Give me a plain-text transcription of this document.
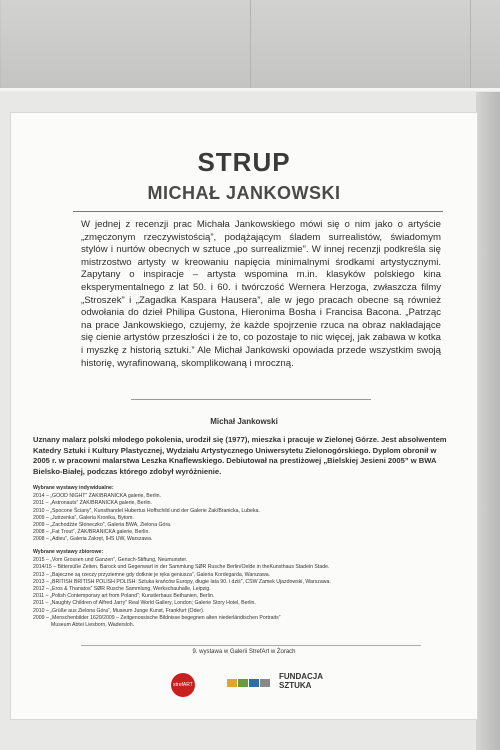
STRUP
MICHAŁ JANKOWSKI
W jednej z recenzji prac Michała Jankowskiego mówi się o nim jako o artyście „zmęczonym rzeczywistością”, podążającym śladem surrealistów, świadomym stylów i nurtów obecnych w sztuce „po surrealizmie”. W innej recenzji podkreśla się mistrzostwo artysty w kreowaniu napięcia minimalnymi środkami artystycznymi. Zapytany o inspiracje – artysta wspomina m.in. klasyków polskiego kina eksperymentalnego z lat 50. i 60. i twórczość Wernera Herzoga, zwłaszcza filmy „Stroszek” i „Zagadka Kaspara Hausera”, ale w jego pracach obecne są również odwołania do dzieł Philipa Gustona, Hieronima Bosha i Francisa Bacona. „Patrząc na prace Jankowskiego, czujemy, że każde spojrzenie rzuca na obraz nakładające się cienie artystów przeszłości i że to, co pozostaje to nic więcej, jak zabawa w kotka i myszkę z historią sztuki.” Ale Michał Jankowski opowiada przede wszystkim swoją historię, wyrafinowaną, skomplikowaną i mroczną.
Michał Jankowski
Uznany malarz polski młodego pokolenia, urodził się (1977), mieszka i pracuje w Zielonej Górze. Jest absolwentem Katedry Sztuki i Kultury Plastycznej, Wydziału Artystycznego Uniwersytetu Zielonogórskiego. Dyplom obronił w 2005 r. w pracowni malarstwa Leszka Knaflewskiego. Debiutował na prestiżowej „Bielskiej Jesieni 2005” w BWA Bielsko-Białej, podczas którego zdobył wyróżnienie.
Wybrane wystawy indywidualne:
2014 – „GOOD NIGHT” ŻAK/BRANICKA galerie, Berlin.
2011 – „Astronauts” ŻAK/BRANICKA galerie, Berlin.
2010 – „Spocone Ściany”, Kunsthandel Hubertus Hoffschild und der Galerie Żak/Branicka, Lubeka.
2009 – „Jutrzenka”, Galeria Kronika, Bytom.
2009 – „Zachodźże Słoneczko”, Galeria BWA, Zielona Góra.
2008 – „Fat Trout”, ŻAK/BRANICKA galerie, Berlin.
2008 – „Adieu”, Galeria Zakręt, IHS UW, Warszawa.
Wybrane wystawy zbiorowe:
2015 – „Vom Grossen und Ganzen”, Gerisch-Stiftung, Neumunster.
2014/15 – Bittersüße Zeiten. Barock und Gegenwart in der Sammlung SØR Rusche Berlin/Oelde in theKunsthaus Stadein Stade.
2013 – „Bajeczne są rzeczy przyziemne gdy dotknie je ręka geniusza”, Galeria Kordegarda, Warszawa.
2013 – „BRITISH BRITISH POLISH POLISH: Sztuka krańców Europy, długie lata 90. i dziś”, CSW Zamek Ujazdowski, Warszawa.
2012 – „Eros & Thanatos” SØR Rusche Sammlung, Werkschauhalle, Leipzig.
2011 – „Polish Contemporary art from Poland”; Kunstlerhaus Bethanien, Berlin.
2011 – „Naughty Children of Alfred Jarry” Real World Gallery, London; Galerie Story Hotel, Berlin.
2010 – „Grüße aus Zielona Góra”, Museum Junge Kunst, Frankfurt (Oder).
2009 – „Menschenbilder 1620/2009 – Zeitgenossische Bildnisse begegnen alten niederländischen Portraits”
Museum Abtei Liesborn, Wadersloh.
9. wystawa w Galerii StrefArt w Żorach
strefART
FUNDACJA
SZTUKA
